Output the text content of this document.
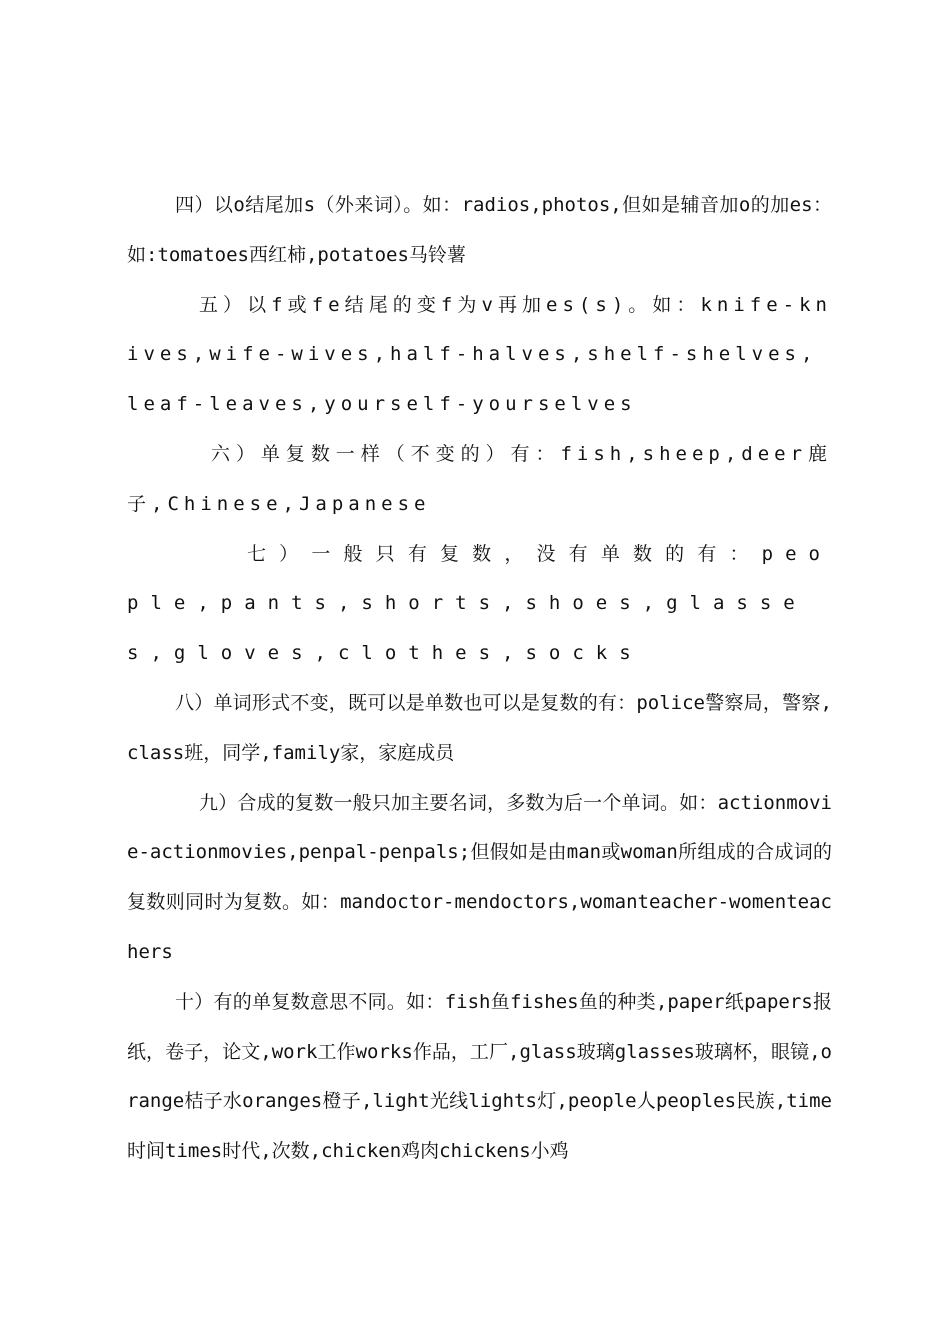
四）以o结尾加s（外来词）。如：radios,photos,但如是辅音加o的加es：如:tomatoes西红柿,potatoes马铃薯

五）以f或fe结尾的变f为v再加es(s)。如：knife-knives,wife-wives,half-halves,shelf-shelves,leaf-leaves,yourself-yourselves

六）单复数一样（不变的）有：fish,sheep,deer鹿子,Chinese,Japanese

七）一般只有复数，没有单数的有：people,pants,shorts,shoes,glasses,gloves,clothes,socks

八）单词形式不变，既可以是单数也可以是复数的有：police警察局，警察,class班，同学,family家，家庭成员

九）合成的复数一般只加主要名词，多数为后一个单词。如：actionmovie-actionmovies,penpal-penpals;但假如是由man或woman所组成的合成词的复数则同时为复数。如：mandoctor-mendoctors,womanteacher-womenteachers

十）有的单复数意思不同。如：fish鱼fishes鱼的种类,paper纸papers报纸，卷子，论文,work工作works作品，工厂,glass玻璃glasses玻璃杯，眼镜,orange桔子水oranges橙子,light光线lights灯,people人peoples民族,time时间times时代,次数,chicken鸡肉chickens小鸡
